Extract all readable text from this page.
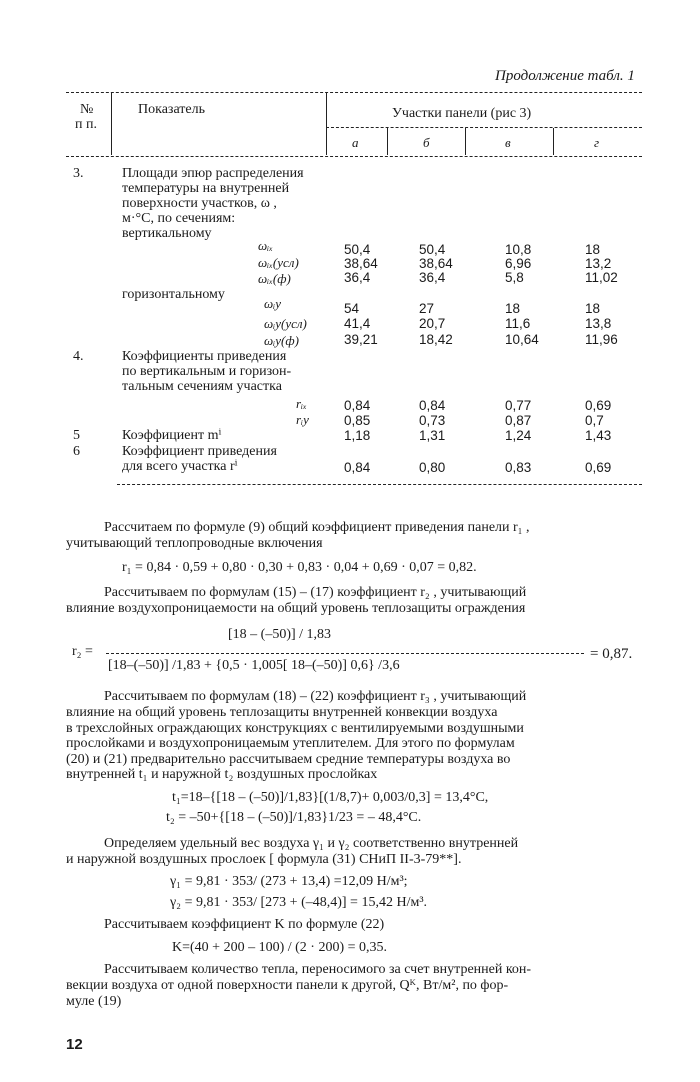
Продолжение табл. 1
№
п п.
Показатель	Участки панели (рис 3)
а	б	в	г
3.	Площади эпюр распределения
температуры на внутренней
поверхности участков, ω ,
м·°С, по сечениям:
вертикальному
ωᵢₓ	50,4	50,4	10,8	18
ωᵢₓ(усл)	38,64	38,64	6,96	13,2
ωᵢₓ(ф)	36,4	36,4	5,8	11,02
горизонтальному
ωᵢy	54	27	18	18
ωᵢy(усл)	41,4	20,7	11,6	13,8
ωᵢy(ф)	39,21	18,42	10,64	11,96
4.	Коэффициенты приведения
по вертикальным и горизон-
тальным сечениям участка
rᵢₓ	0,84	0,84	0,77	0,69
rᵢy	0,85	0,73	0,87	0,7
5	Коэффициент mⁱ	1,18	1,31	1,24	1,43
6	Коэффициент приведения
для всего участка rⁱ	0,84	0,80	0,83	0,69
Рассчитаем по формуле (9) общий коэффициент приведения панели r₁ ,
учитывающий теплопроводные включения
r₁ = 0,84 · 0,59 + 0,80 · 0,30 + 0,83 · 0,04 + 0,69 · 0,07 = 0,82.
Рассчитываем по формулам (15) – (17) коэффициент r₂ , учитывающий
влияние воздухопроницаемости на общий уровень теплозащиты ограждения
[18 – (–50)] / 1,83
r₂ =
[18–(–50)] /1,83 + {0,5 · 1,005[ 18–(–50)] 0,6} /3,6
= 0,87.
Рассчитываем по формулам (18) – (22) коэффициент r₃ , учитывающий
влияние на общий уровень теплозащиты внутренней конвекции воздуха
в трехслойных ограждающих конструкциях с вентилируемыми воздушными
прослойками и воздухопроницаемым утеплителем. Для этого по формулам
(20) и (21) предварительно рассчитываем средние температуры воздуха во
внутренней t₁ и наружной t₂ воздушных прослойках
t₁=18–{[18 – (–50)]/1,83}[(1/8,7)+ 0,003/0,3] = 13,4°C,
t₂ = –50+{[18 – (–50)]/1,83}1/23 = – 48,4°C.
Определяем удельный вес воздуха γ₁ и γ₂ соответственно внутренней
и наружной воздушных прослоек [ формула (31) СНиП II-3-79**].
γ₁ = 9,81 · 353/ (273 + 13,4) =12,09 Н/м³;
γ₂ = 9,81 · 353/ [273 + (–48,4)] = 15,42 Н/м³.
Рассчитываем коэффициент K по формуле (22)
K=(40 + 200 – 100) / (2 · 200) = 0,35.
Рассчитываем количество тепла, переносимого за счет внутренней кон-
векции воздуха от одной поверхности панели к другой, Qᴷ, Вт/м², по фор-
муле (19)
12
